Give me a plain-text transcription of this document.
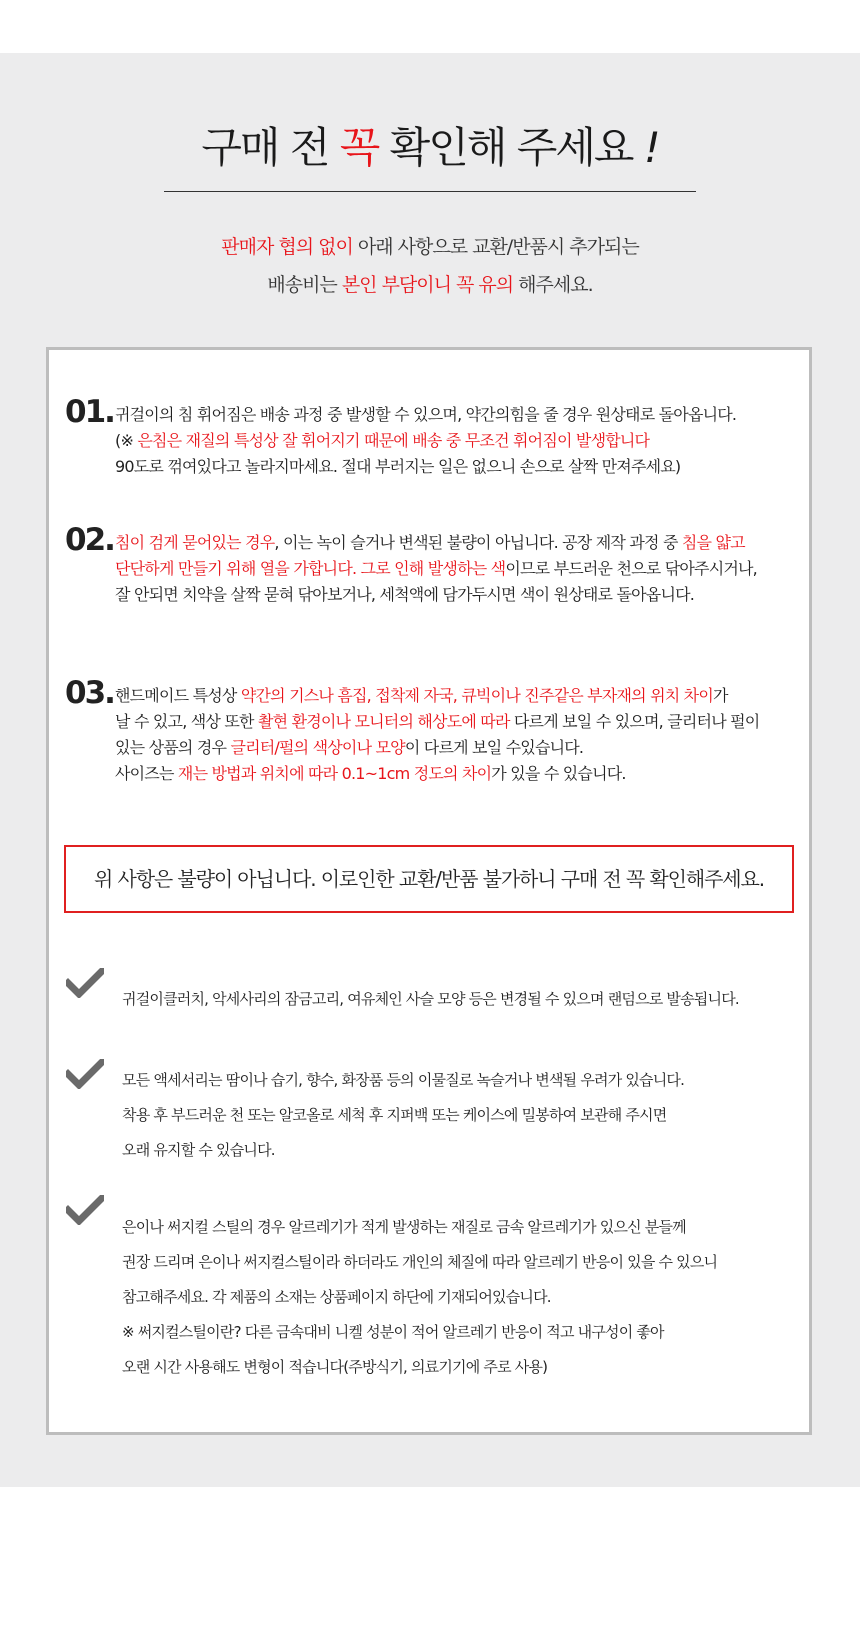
구매 전 꼭 확인해 주세요 !
판매자 협의 없이 아래 사항으로 교환/반품시 추가되는
배송비는 본인 부담이니 꼭 유의 해주세요.
01. 귀걸이의 침 휘어짐은 배송 과정 중 발생할 수 있으며, 약간의힘을 줄 경우 원상태로 돌아옵니다.
(※ 은침은 재질의 특성상 잘 휘어지기 때문에 배송 중 무조건 휘어짐이 발생합니다
90도로 꺾여있다고 놀라지마세요. 절대 부러지는 일은 없으니 손으로 살짝 만져주세요)
02. 침이 검게 묻어있는 경우, 이는 녹이 슬거나 변색된 불량이 아닙니다. 공장 제작 과정 중 침을 얇고
단단하게 만들기 위해 열을 가합니다. 그로 인해 발생하는 색이므로 부드러운 천으로 닦아주시거나,
잘 안되면 치약을 살짝 묻혀 닦아보거나, 세척액에 담가두시면 색이 원상태로 돌아옵니다.
03. 핸드메이드 특성상 약간의 기스나 흠집, 접착제 자국, 큐빅이나 진주같은 부자재의 위치 차이가
날 수 있고, 색상 또한 촬현 환경이나 모니터의 해상도에 따라 다르게 보일 수 있으며, 글리터나 펄이
있는 상품의 경우 글리터/펄의 색상이나 모양이 다르게 보일 수있습니다.
사이즈는 재는 방법과 위치에 따라 0.1~1cm 정도의 차이가 있을 수 있습니다.
위 사항은 불량이 아닙니다. 이로인한 교환/반품 불가하니 구매 전 꼭 확인해주세요.
귀걸이클러치, 악세사리의 잠금고리, 여유체인 사슬 모양 등은 변경될 수 있으며 랜덤으로 발송됩니다.
모든 액세서리는 땀이나 습기, 향수, 화장품 등의 이물질로 녹슬거나 변색될 우려가 있습니다.
착용 후 부드러운 천 또는 알코올로 세척 후 지퍼백 또는 케이스에 밀봉하여 보관해 주시면
오래 유지할 수 있습니다.
은이나 써지컬 스틸의 경우 알르레기가 적게 발생하는 재질로 금속 알르레기가 있으신 분들께
권장 드리며 은이나 써지컬스틸이라 하더라도 개인의 체질에 따라 알르레기 반응이 있을 수 있으니
참고해주세요. 각 제품의 소재는 상품페이지 하단에 기재되어있습니다.
※ 써지컬스틸이란? 다른 금속대비 니켈 성분이 적어 알르레기 반응이 적고 내구성이 좋아
오랜 시간 사용해도 변형이 적습니다(주방식기, 의료기기에 주로 사용)
